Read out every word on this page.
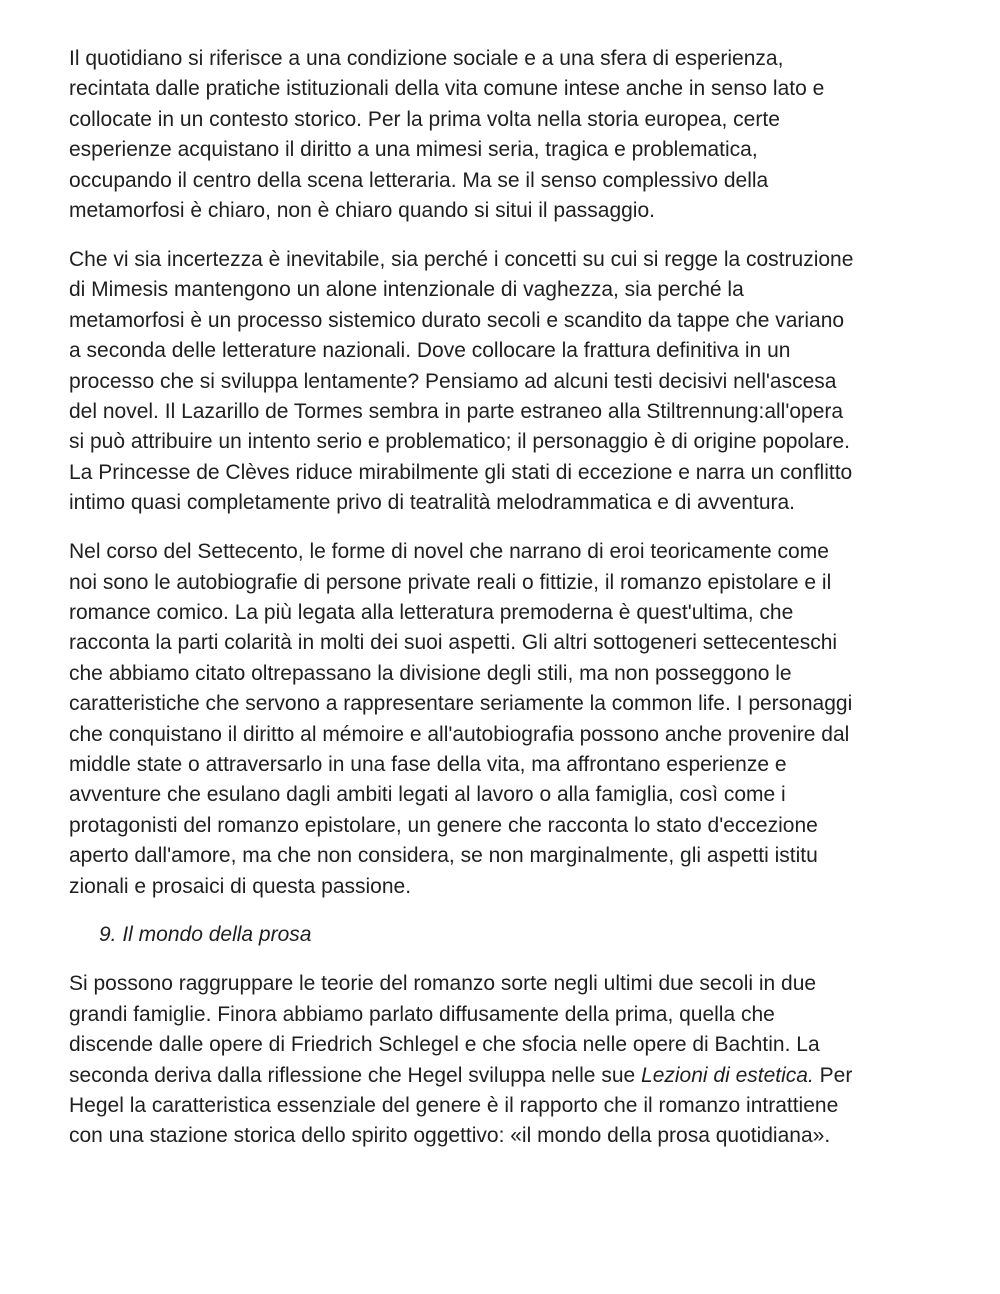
Il quotidiano si riferisce a una condizione sociale e a una sfera di esperienza,
recintata dalle pratiche istituzionali della vita comune intese anche in senso lato e
collocate in un contesto storico. Per la prima volta nella storia europea, certe
esperienze acquistano il diritto a una mimesi seria, tragica e problematica,
occupando il centro della scena letteraria. Ma se il senso complessivo della
metamorfosi è chiaro, non è chiaro quando si situi il passaggio.

Che vi sia incertezza è inevitabile, sia perché i concetti su cui si regge la costruzione
di Mimesis mantengono un alone intenzionale di vaghezza, sia perché la
metamorfosi è un processo sistemico durato secoli e scandito da tappe che variano
a seconda delle letterature nazionali. Dove collocare la frattura definitiva in un
processo che si sviluppa lentamente? Pensiamo ad alcuni testi decisivi nell'ascesa
del novel. Il Lazarillo de Tormes sembra in parte estraneo alla Stiltrennung:all'opera
si può attribuire un intento serio e problematico; il personaggio è di origine popolare.
La Princesse de Clèves riduce mirabilmente gli stati di eccezione e narra un conflitto
intimo quasi completamente privo di teatralità melodrammatica e di avventura.

Nel corso del Settecento, le forme di novel che narrano di eroi teoricamente come
noi sono le autobiografie di persone private reali o fittizie, il romanzo epistolare e il
romance comico. La più legata alla letteratura premoderna è quest'ultima, che
racconta la parti colarità in molti dei suoi aspetti. Gli altri sottogeneri settecenteschi
che abbiamo citato oltrepassano la divisione degli stili, ma non posseggono le
caratteristiche che servono a rappresentare seriamente la common life. I personaggi
che conquistano il diritto al mémoire e all'autobiografia possono anche provenire dal
middle state o attraversarlo in una fase della vita, ma affrontano esperienze e
avventure che esulano dagli ambiti legati al lavoro o alla famiglia, così come i
protagonisti del romanzo epistolare, un genere che racconta lo stato d'eccezione
aperto dall'amore, ma che non considera, se non marginalmente, gli aspetti istitu
zionali e prosaici di questa passione.

9. Il mondo della prosa

Si possono raggruppare le teorie del romanzo sorte negli ultimi due secoli in due
grandi famiglie. Finora abbiamo parlato diffusamente della prima, quella che
discende dalle opere di Friedrich Schlegel e che sfocia nelle opere di Bachtin. La
seconda deriva dalla riflessione che Hegel sviluppa nelle sue Lezioni di estetica. Per
Hegel la caratteristica essenziale del genere è il rapporto che il romanzo intrattiene
con una stazione storica dello spirito oggettivo: «il mondo della prosa quotidiana».
